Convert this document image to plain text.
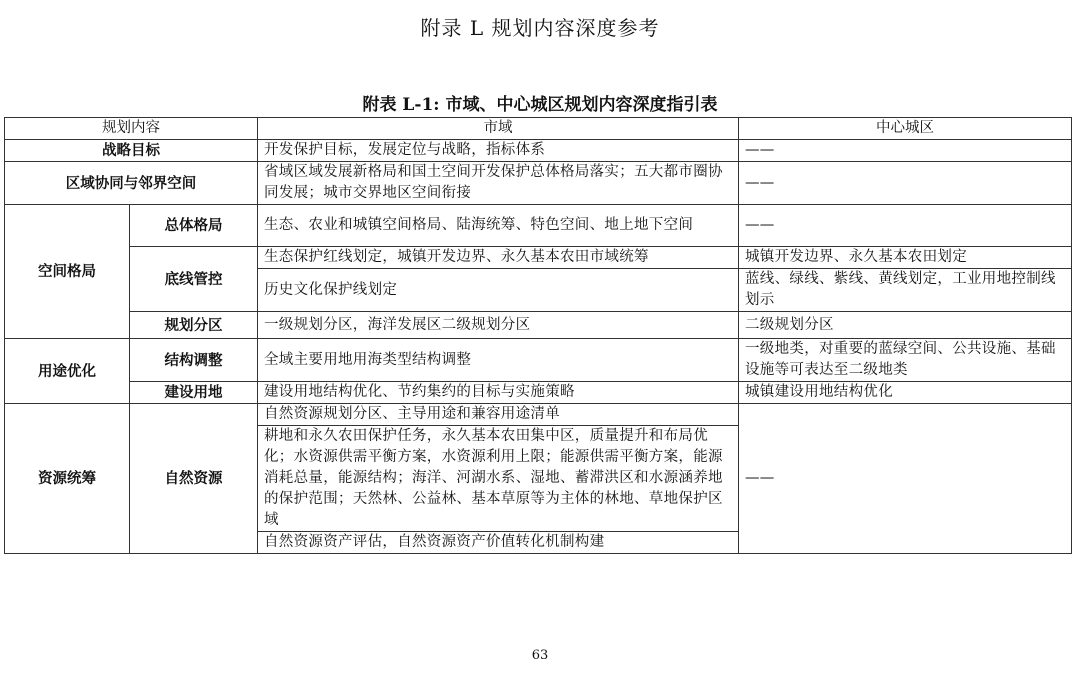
附录 L 规划内容深度参考
附表 L-1: 市域、中心城区规划内容深度指引表
规划内容		市域	中心城区
战略目标		开发保护目标，发展定位与战略，指标体系	——
区域协同与邻界空间		省域区域发展新格局和国土空间开发保护总体格局落实；五大都市圈协同发展；城市交界地区空间衔接	——
空间格局	总体格局	生态、农业和城镇空间格局、陆海统筹、特色空间、地上地下空间	——
	底线管控	生态保护红线划定，城镇开发边界、永久基本农田市域统筹	城镇开发边界、永久基本农田划定
		历史文化保护线划定	蓝线、绿线、紫线、黄线划定，工业用地控制线划示
	规划分区	一级规划分区，海洋发展区二级规划分区	二级规划分区
用途优化	结构调整	全域主要用地用海类型结构调整	一级地类，对重要的蓝绿空间、公共设施、基础设施等可表达至二级地类
	建设用地	建设用地结构优化、节约集约的目标与实施策略	城镇建设用地结构优化
资源统筹	自然资源	自然资源规划分区、主导用途和兼容用途清单	——
		耕地和永久农田保护任务，永久基本农田集中区，质量提升和布局优化；水资源供需平衡方案，水资源利用上限；能源供需平衡方案，能源消耗总量，能源结构；海洋、河湖水系、湿地、蓄滞洪区和水源涵养地的保护范围；天然林、公益林、基本草原等为主体的林地、草地保护区域	
		自然资源资产评估，自然资源资产价值转化机制构建	
63
